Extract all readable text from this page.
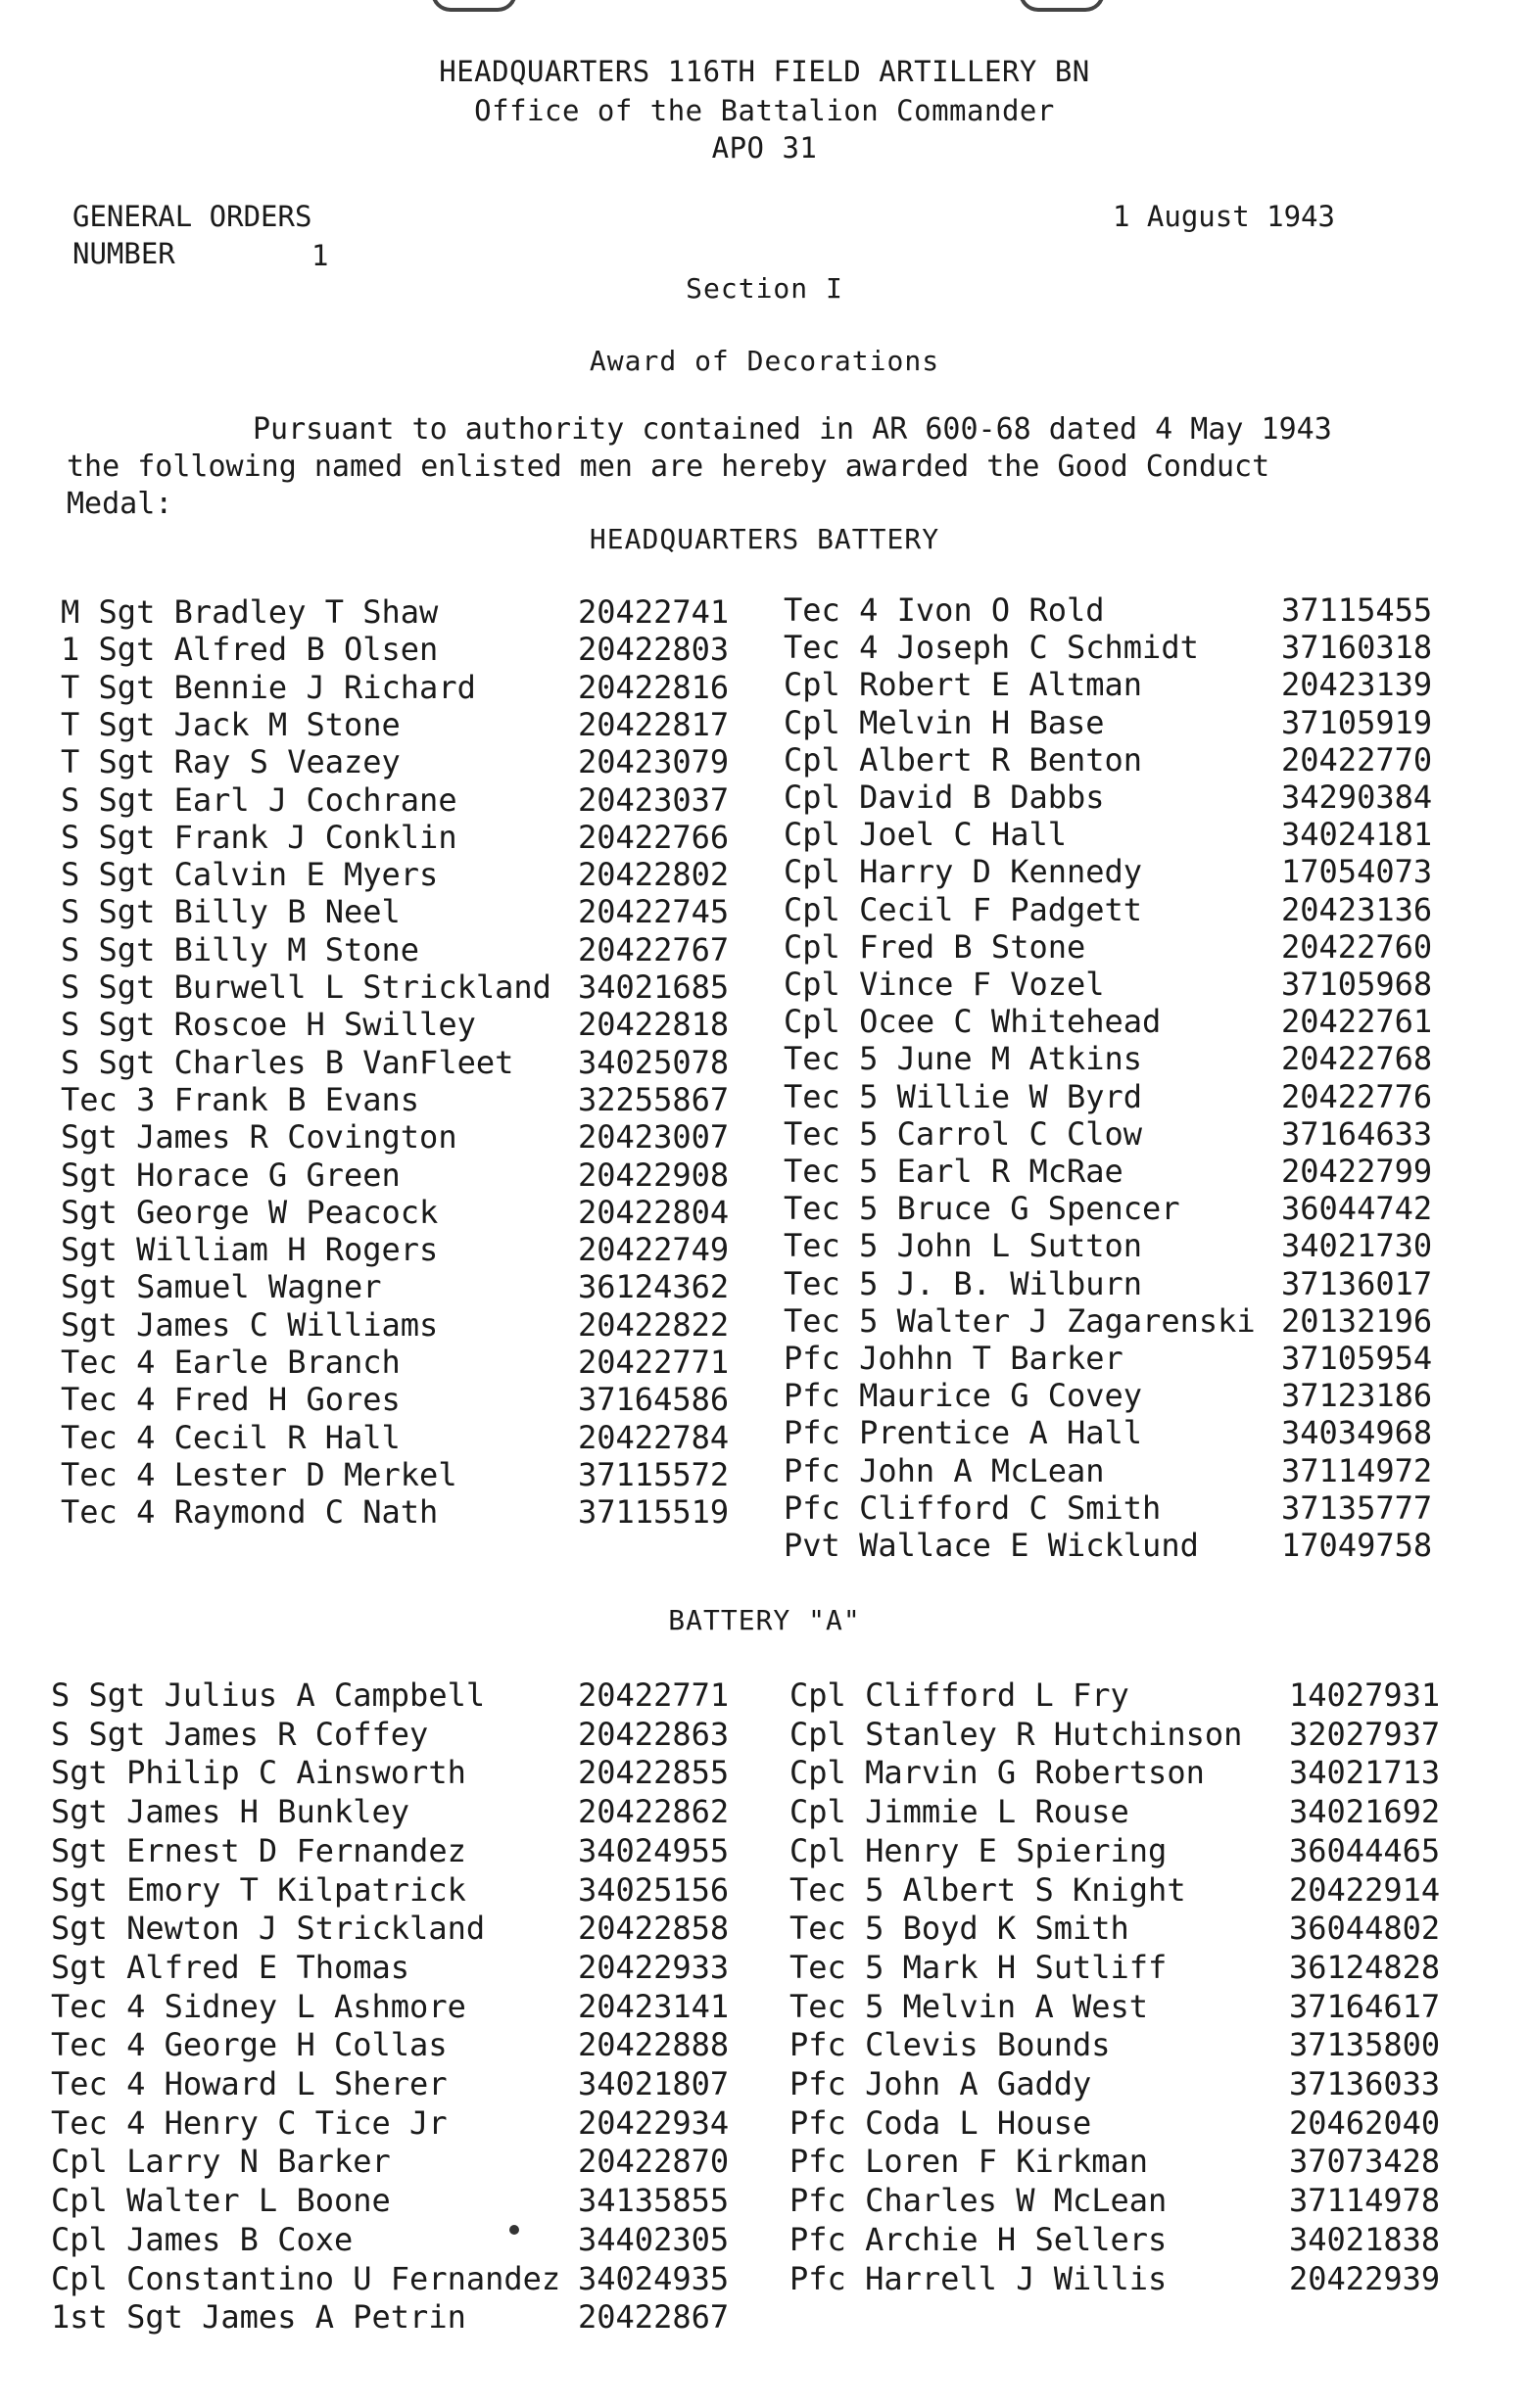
HEADQUARTERS 116TH FIELD ARTILLERY BN
Office of the Battalion Commander
APO 31
GENERAL ORDERS
NUMBER	1
1 August 1943
Section I
Award of Decorations
Pursuant to authority contained in AR 600-68 dated 4 May 1943
the following named enlisted men are hereby awarded the Good Conduct
Medal:
HEADQUARTERS BATTERY
M Sgt Bradley T Shaw	20422741
1 Sgt Alfred B Olsen	20422803
T Sgt Bennie J Richard	20422816
T Sgt Jack M Stone	20422817
T Sgt Ray S Veazey	20423079
S Sgt Earl J Cochrane	20423037
S Sgt Frank J Conklin	20422766
S Sgt Calvin E Myers	20422802
S Sgt Billy B Neel	20422745
S Sgt Billy M Stone	20422767
S Sgt Burwell L Strickland 34021685
S Sgt Roscoe H Swilley	20422818
S Sgt Charles B VanFleet 34025078
Tec 3 Frank B Evans	32255867
Sgt James R Covington	20423007
Sgt Horace G Green	20422908
Sgt George W Peacock	20422804
Sgt William H Rogers	20422749
Sgt Samuel Wagner	36124362
Sgt James C Williams	20422822
Tec 4 Earle Branch	20422771
Tec 4 Fred H Gores	37164586
Tec 4 Cecil R Hall	20422784
Tec 4 Lester D Merkel	37115572
Tec 4 Raymond C Nath	37115519
Tec 4 Ivon O Rold	37115455
Tec 4 Joseph C Schmidt	37160318
Cpl Robert E Altman	20423139
Cpl Melvin H Base	37105919
Cpl Albert R Benton	20422770
Cpl David B Dabbs	34290384
Cpl Joel C Hall	34024181
Cpl Harry D Kennedy	17054073
Cpl Cecil F Padgett	20423136
Cpl Fred B Stone	20422760
Cpl Vince F Vozel	37105968
Cpl Ocee C Whitehead	20422761
Tec 5 June M Atkins	20422768
Tec 5 Willie W Byrd	20422776
Tec 5 Carrol C Clow	37164633
Tec 5 Earl R McRae	20422799
Tec 5 Bruce G Spencer	36044742
Tec 5 John L Sutton	34021730
Tec 5 J. B. Wilburn	37136017
Tec 5 Walter J Zagarenski 20132196
Pfc Johhn T Barker	37105954
Pfc Maurice G Covey	37123186
Pfc Prentice A Hall	34034968
Pfc John A McLean	37114972
Pfc Clifford C Smith	37135777
Pvt Wallace E Wicklund	17049758
BATTERY "A"
S Sgt Julius A Campbell	20422771
S Sgt James R Coffey	20422863
Sgt Philip C Ainsworth	20422855
Sgt James H Bunkley	20422862
Sgt Ernest D Fernandez	34024955
Sgt Emory T Kilpatrick	34025156
Sgt Newton J Strickland	20422858
Sgt Alfred E Thomas	20422933
Tec 4 Sidney L Ashmore	20423141
Tec 4 George H Collas	20422888
Tec 4 Howard L Sherer	34021807
Tec 4 Henry C Tice Jr	20422934
Cpl Larry N Barker	20422870
Cpl Walter L Boone	34135855
Cpl James B Coxe	34402305
Cpl Constantino U Fernandez 34024935
1st Sgt James A Petrin	20422867
Cpl Clifford L Fry	14027931
Cpl Stanley R Hutchinson 32027937
Cpl Marvin G Robertson	34021713
Cpl Jimmie L Rouse	34021692
Cpl Henry E Spiering	36044465
Tec 5 Albert S Knight	20422914
Tec 5 Boyd K Smith	36044802
Tec 5 Mark H Sutliff	36124828
Tec 5 Melvin A West	37164617
Pfc Clevis Bounds	37135800
Pfc John A Gaddy	37136033
Pfc Coda L House	20462040
Pfc Loren F Kirkman	37073428
Pfc Charles W McLean	37114978
Pfc Archie H Sellers	34021838
Pfc Harrell J Willis	20422939
